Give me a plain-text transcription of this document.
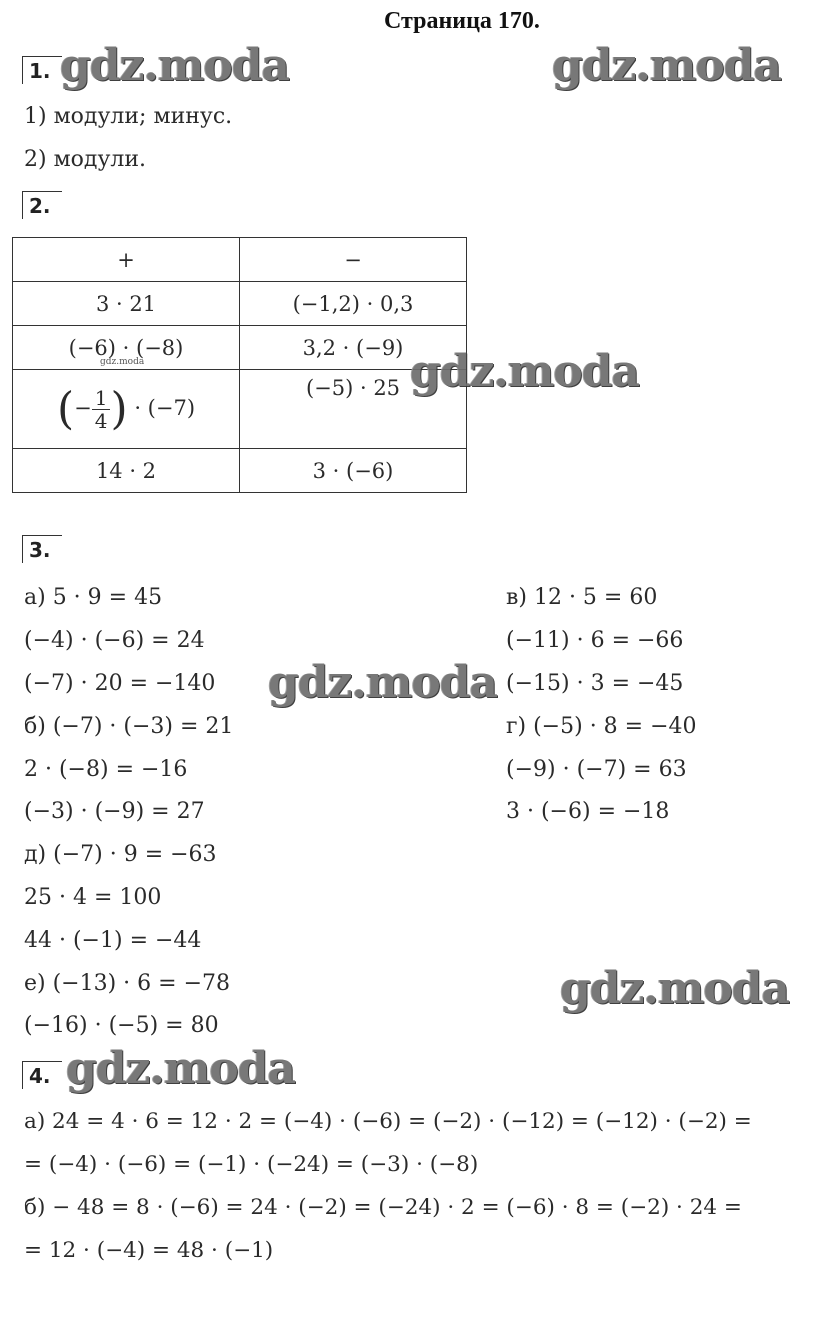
Страница 170.
1. gdz.moda	gdz.moda
1) модули; минус.
2) модули.
2.
+	−
3 · 21	(−1,2) · 0,3
(−6) · (−8)	3,2 · (−9)
(− $\frac{1}{4}$ ) · (−7)	(−5) · 25
14 · 2	3 · (−6)
gdz.moda	gdz.moda
3.
а) 5 · 9 = 45
(−4) · (−6) = 24
(−7) · 20 = −140
б) (−7) · (−3) = 21
2 · (−8) = −16
(−3) · (−9) = 27
д) (−7) · 9 = −63
25 · 4 = 100
44 · (−1) = −44
е) (−13) · 6 = −78
(−16) · (−5) = 80
в) 12 · 5 = 60
(−11) · 6 = −66
(−15) · 3 = −45
г) (−5) · 8 = −40
(−9) · (−7) = 63
3 · (−6) = −18
gdz.moda
gdz.moda
4. gdz.moda
а) 24 = 4 · 6 = 12 · 2 = (−4) · (−6) = (−2) · (−12) = (−12) · (−2) =
= (−4) · (−6) = (−1) · (−24) = (−3) · (−8)
б) − 48 = 8 · (−6) = 24 · (−2) = (−24) · 2 = (−6) · 8 = (−2) · 24 =
= 12 · (−4) = 48 · (−1)
